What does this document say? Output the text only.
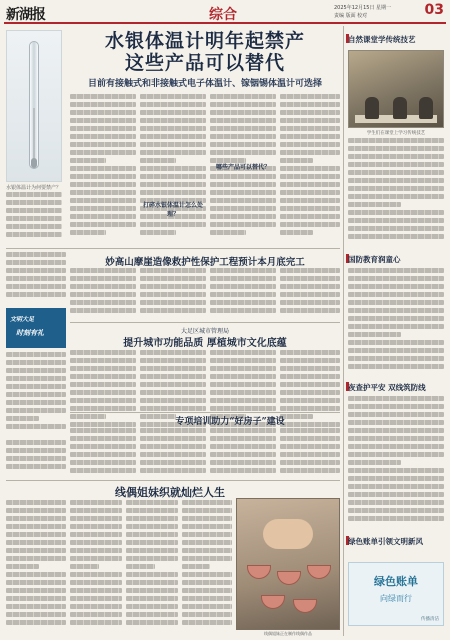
新湖报	综合	2025年12月15日 星期一
责编 版面 校对	03
水银体温计明年起禁产
这些产品可以替代
目前有接触式和非接触式电子体温计、镓铟锡体温计可选择
水银体温计为何要禁产？
打碎水银体温计怎么处理？
哪些产品可以替代？
妙高山摩崖造像救护性保护工程预计本月底完工
文明大足
时刻有礼	大足区城市管理局
提升城市功能品质 厚植城市文化底蕴
专项培训助力“好房子”建设
线偶姐妹织就灿烂人生
线偶姐妹正在制作线偶作品
自然课堂学传统技艺
学生们在课堂上学习传统技艺
国防教育润童心
夜查护平安 双线筑防线
绿色账单引领文明新风
绿色账单
向绿而行
传播清洁
